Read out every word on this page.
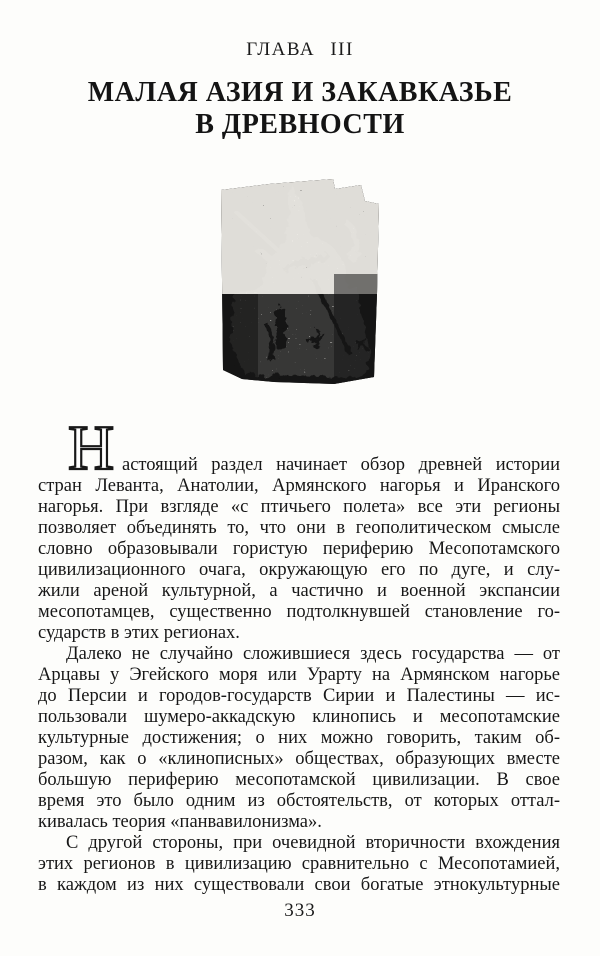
ГЛАВА III
МАЛАЯ АЗИЯ И ЗАКАВКАЗЬЕ
В ДРЕВНОСТИ
Н астоящий раздел начинает обзор древней истории
стран Леванта, Анатолии, Армянского нагорья и Иранского
нагорья. При взгляде «с птичьего полета» все эти регионы
позволяет объединять то, что они в геополитическом смысле
словно образовывали гористую периферию Месопотамского
цивилизационного очага, окружающую его по дуге, и слу-
жили ареной культурной, а частично и военной экспансии
месопотамцев, существенно подтолкнувшей становление го-
сударств в этих регионах.
Далеко не случайно сложившиеся здесь государства — от
Арцавы у Эгейского моря или Урарту на Армянском нагорье
до Персии и городов-государств Сирии и Палестины — ис-
пользовали шумеро-аккадскую клинопись и месопотамские
культурные достижения; о них можно говорить, таким об-
разом, как о «клинописных» обществах, образующих вместе
большую периферию месопотамской цивилизации. В свое
время это было одним из обстоятельств, от которых оттал-
кивалась теория «панвавилонизма».
С другой стороны, при очевидной вторичности вхождения
этих регионов в цивилизацию сравнительно с Месопотамией,
в каждом из них существовали свои богатые этнокультурные
333
